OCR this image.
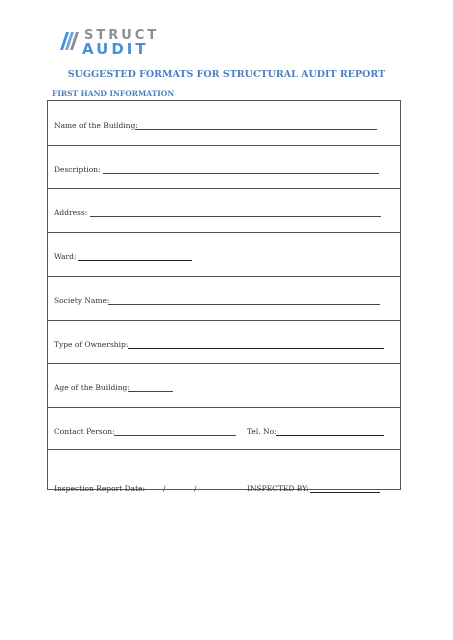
STRUCT
AUDIT
SUGGESTED FORMATS FOR STRUCTURAL AUDIT REPORT
FIRST HAND INFORMATION
Name of the Building:
Description:
Address:
Ward:
Society Name:
Type of Ownership:
Age of the Building:
Contact Person:	Tel. No:
Inspection Report Date: /	/	INSPECTED BY:
